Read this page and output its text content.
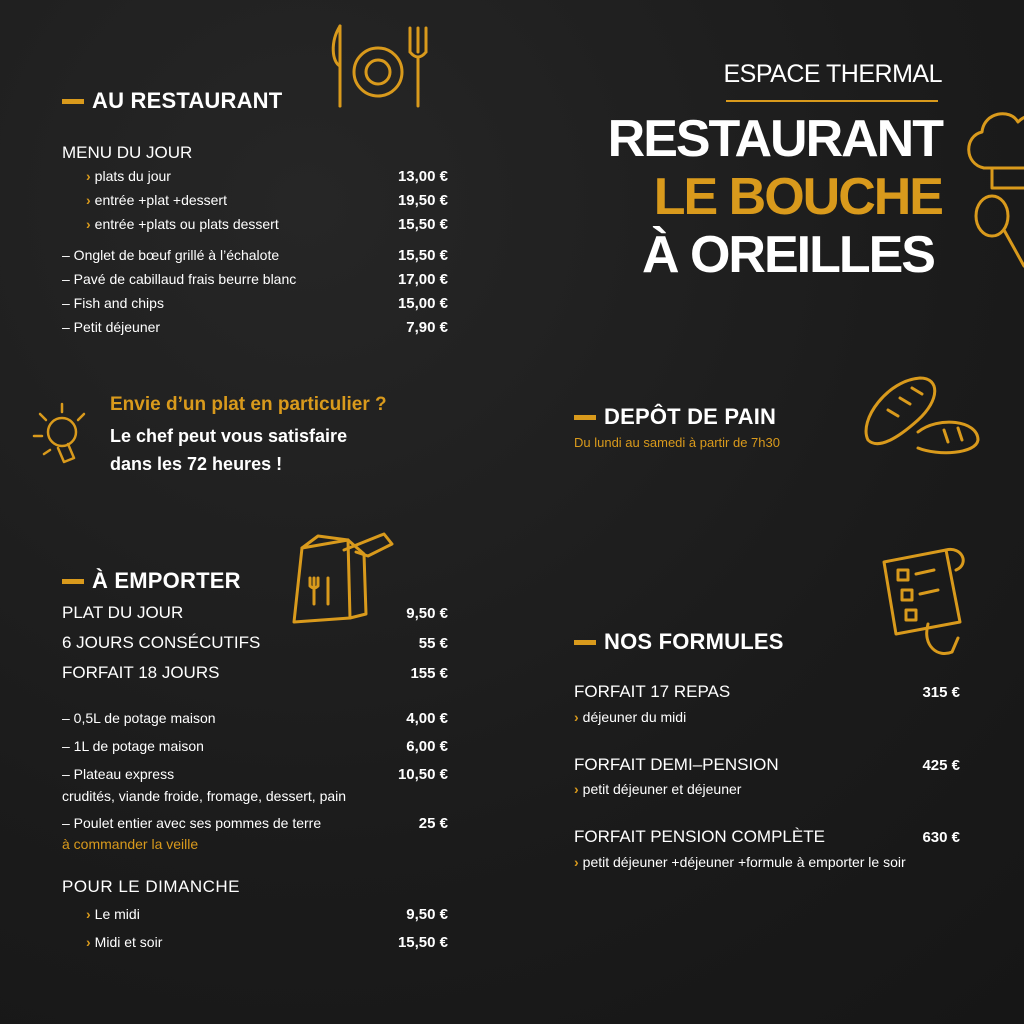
ESPACE THERMAL
RESTAURANT
LE BOUCHE
À OREILLES
AU RESTAURANT
MENU DU JOUR
› plats du jour	13,00 €
› entrée +plat +dessert	19,50 €
› entrée +plats ou plats dessert	15,50 €
– Onglet de bœuf grillé à l’échalote	15,50 €
– Pavé de cabillaud frais beurre blanc	17,00 €
– Fish and chips	15,00 €
– Petit déjeuner	7,90 €
Envie d’un plat en particulier ?
Le chef peut vous satisfaire
dans les 72 heures !
À EMPORTER
PLAT DU JOUR	9,50 €
6 JOURS CONSÉCUTIFS	55 €
FORFAIT 18 JOURS	155 €
– 0,5L de potage maison	4,00 €
– 1L de potage maison	6,00 €
– Plateau express	10,50 €
crudités, viande froide, fromage, dessert, pain
– Poulet entier avec ses pommes de terre	25 €
à commander la veille
POUR LE DIMANCHE
› Le midi	9,50 €
› Midi et soir	15,50 €
DEPÔT DE PAIN
Du lundi au samedi à partir de 7h30
NOS FORMULES
FORFAIT 17 REPAS	315 €
› déjeuner du midi
FORFAIT DEMI–PENSION	425 €
› petit déjeuner et déjeuner
FORFAIT PENSION COMPLÈTE	630 €
› petit déjeuner +déjeuner +formule à emporter le soir
